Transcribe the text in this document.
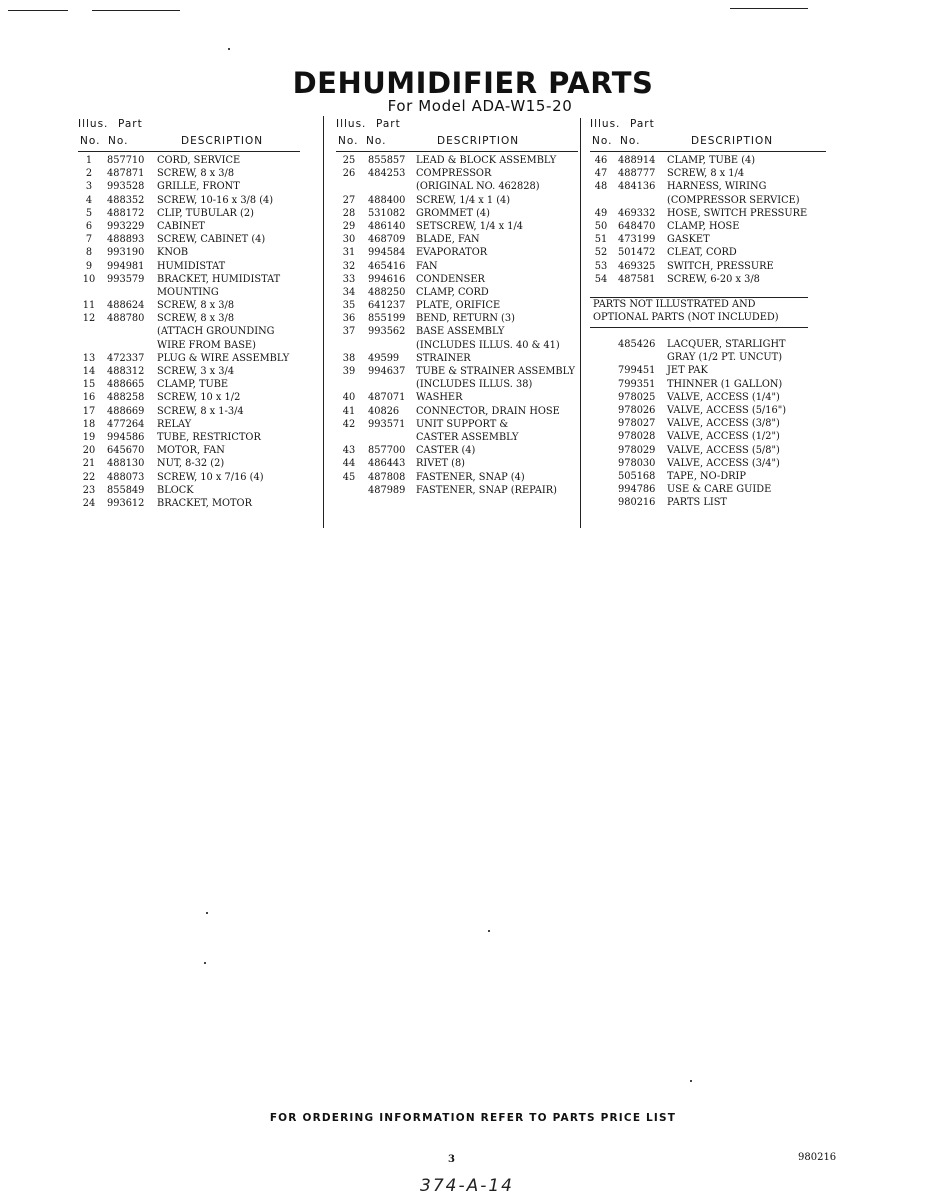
DEHUMIDIFIER PARTS
For Model ADA-W15-20
Illus. Part
No. No.	DESCRIPTION
1	857710 CORD, SERVICE
2	487871 SCREW, 8 x 3/8
3	993528 GRILLE, FRONT
4	488352 SCREW, 10-16 x 3/8 (4)
5	488172 CLIP, TUBULAR (2)
6	993229 CABINET
7	488893 SCREW, CABINET (4)
8	993190 KNOB
9	994981 HUMIDISTAT
10	993579 BRACKET, HUMIDISTAT
MOUNTING
11	488624 SCREW, 8 x 3/8
12	488780 SCREW, 8 x 3/8
(ATTACH GROUNDING
WIRE FROM BASE)
13	472337 PLUG & WIRE ASSEMBLY
14	488312 SCREW, 3 x 3/4
15	488665 CLAMP, TUBE
16	488258 SCREW, 10 x 1/2
17	488669 SCREW, 8 x 1-3/4
18	477264 RELAY
19	994586 TUBE, RESTRICTOR
20	645670 MOTOR, FAN
21	488130 NUT, 8-32 (2)
22	488073 SCREW, 10 x 7/16 (4)
23	855849 BLOCK
24	993612 BRACKET, MOTOR
Illus. Part
No. No.	DESCRIPTION
25	855857 LEAD & BLOCK ASSEMBLY
26	484253 COMPRESSOR
(ORIGINAL NO. 462828)
27	488400 SCREW, 1/4 x 1 (4)
28	531082 GROMMET (4)
29	486140 SETSCREW, 1/4 x 1/4
30	468709 BLADE, FAN
31	994584 EVAPORATOR
32	465416 FAN
33	994616 CONDENSER
34	488250 CLAMP, CORD
35	641237 PLATE, ORIFICE
36	855199 BEND, RETURN (3)
37	993562 BASE ASSEMBLY
(INCLUDES ILLUS. 40 & 41)
38	49599 STRAINER
39	994637 TUBE & STRAINER ASSEMBLY
(INCLUDES ILLUS. 38)
40	487071 WASHER
41	40826 CONNECTOR, DRAIN HOSE
42	993571 UNIT SUPPORT &
CASTER ASSEMBLY
43	857700 CASTER (4)
44	486443 RIVET (8)
45	487808 FASTENER, SNAP (4)
487989 FASTENER, SNAP (REPAIR)
Illus. Part
No. No.	DESCRIPTION
46	488914 CLAMP, TUBE (4)
47	488777 SCREW, 8 x 1/4
48	484136 HARNESS, WIRING
(COMPRESSOR SERVICE)
49	469332 HOSE, SWITCH PRESSURE
50	648470 CLAMP, HOSE
51	473199 GASKET
52	501472 CLEAT, CORD
53	469325 SWITCH, PRESSURE
54	487581 SCREW, 6-20 x 3/8
PARTS NOT ILLUSTRATED AND
OPTIONAL PARTS (NOT INCLUDED)
485426 LACQUER, STARLIGHT
GRAY (1/2 PT. UNCUT)
799451 JET PAK
799351 THINNER (1 GALLON)
978025 VALVE, ACCESS (1/4")
978026 VALVE, ACCESS (5/16")
978027 VALVE, ACCESS (3/8")
978028 VALVE, ACCESS (1/2")
978029 VALVE, ACCESS (5/8")
978030 VALVE, ACCESS (3/4")
505168 TAPE, NO-DRIP
994786 USE & CARE GUIDE
980216 PARTS LIST
FOR ORDERING INFORMATION REFER TO PARTS PRICE LIST
3	980216
374-A-14
